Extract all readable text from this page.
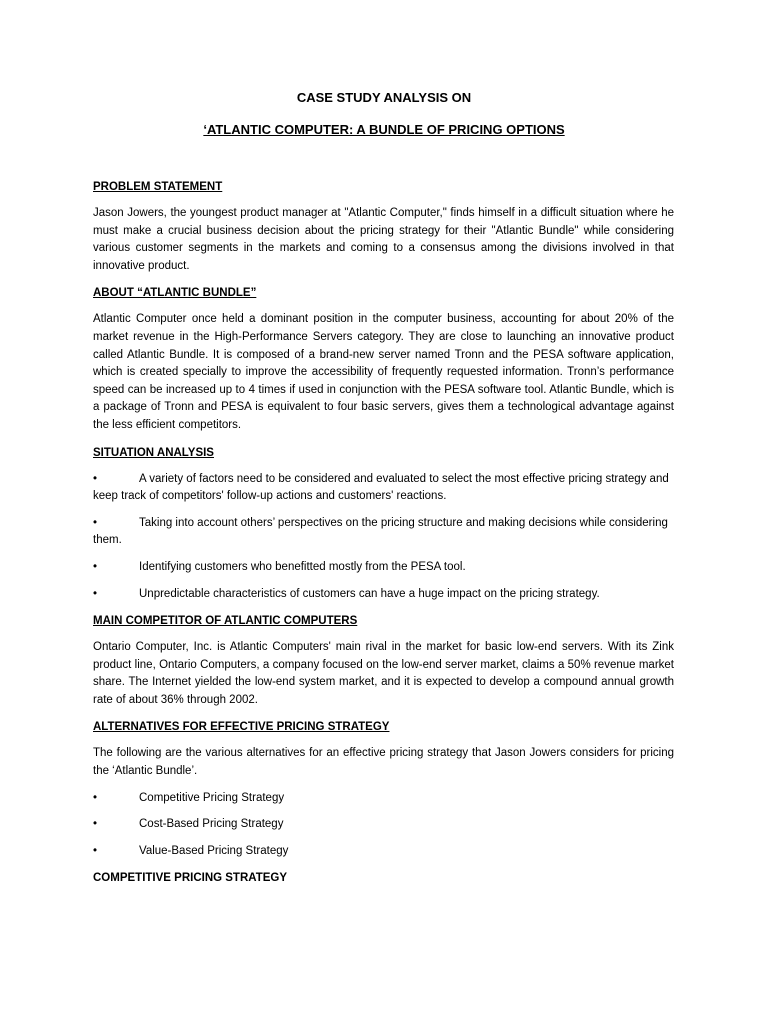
CASE STUDY ANALYSIS ON
‘ATLANTIC COMPUTER: A BUNDLE OF PRICING OPTIONS
PROBLEM STATEMENT

Jason Jowers, the youngest product manager at "Atlantic Computer," finds himself in a difficult situation where he must make a crucial business decision about the pricing strategy for their "Atlantic Bundle" while considering various customer segments in the markets and coming to a consensus among the divisions involved in that innovative product.

ABOUT “ATLANTIC BUNDLE”

Atlantic Computer once held a dominant position in the computer business, accounting for about 20% of the market revenue in the High-Performance Servers category. They are close to launching an innovative product called Atlantic Bundle. It is composed of a brand-new server named Tronn and the PESA software application, which is created specially to improve the accessibility of frequently requested information. Tronn’s performance speed can be increased up to 4 times if used in conjunction with the PESA software tool. Atlantic Bundle, which is a package of Tronn and PESA is equivalent to four basic servers, gives them a technological advantage against the less efficient competitors.

SITUATION ANALYSIS
•	A variety of factors need to be considered and evaluated to select the most effective pricing strategy and keep track of competitors' follow-up actions and customers' reactions.
•	Taking into account others’ perspectives on the pricing structure and making decisions while considering them.
•	Identifying customers who benefitted mostly from the PESA tool.
•	Unpredictable characteristics of customers can have a huge impact on the pricing strategy.
MAIN COMPETITOR OF ATLANTIC COMPUTERS

Ontario Computer, Inc. is Atlantic Computers' main rival in the market for basic low-end servers. With its Zink product line, Ontario Computers, a company focused on the low-end server market, claims a 50% revenue market share. The Internet yielded the low-end system market, and it is expected to develop a compound annual growth rate of about 36% through 2002.

ALTERNATIVES FOR EFFECTIVE PRICING STRATEGY

The following are the various alternatives for an effective pricing strategy that Jason Jowers considers for pricing the ‘Atlantic Bundle’.

•	Competitive Pricing Strategy
•	Cost-Based Pricing Strategy
•	Value-Based Pricing Strategy
COMPETITIVE PRICING STRATEGY
